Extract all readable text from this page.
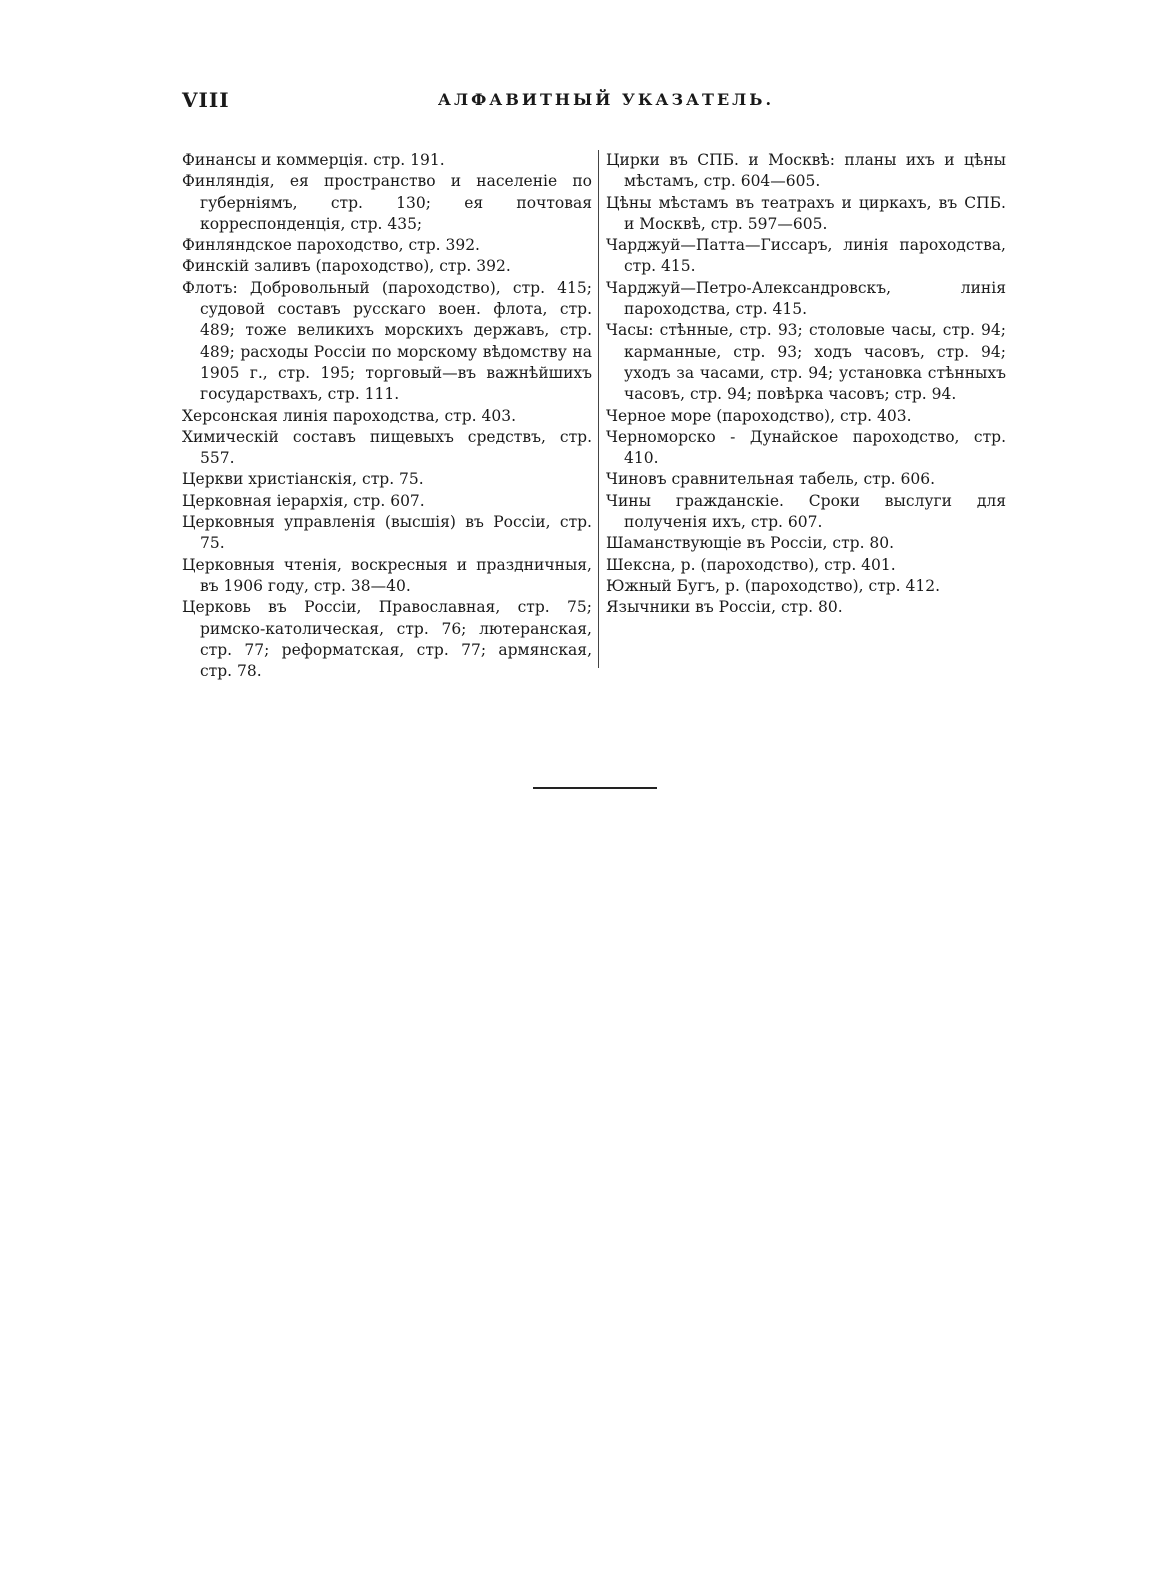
VIII	АЛФАВИТНЫЙ УКАЗАТЕЛЬ.

Финансы и коммерція. стр. 191.

Финляндія, ея пространство и населеніе по губерніямъ, стр. 130; ея почтовая корреспонденція, стр. 435;

Финляндское пароходство, стр. 392.

Финскій заливъ (пароходство), стр. 392.

Флотъ: Добровольный (пароходство), стр. 415; судовой составъ русскаго воен. флота, стр. 489; тоже великихъ морскихъ державъ, стр. 489; расходы Россіи по морскому вѣдомству на 1905 г., стр. 195; торговый—въ важнѣйшихъ государствахъ, стр. 111.

Херсонская линія пароходства, стр. 403.

Химическій составъ пищевыхъ средствъ, стр. 557.

Церкви христіанскія, стр. 75.

Церковная іерархія, стр. 607.

Церковныя управленія (высшія) въ Россіи, стр. 75.

Церковныя чтенія, воскресныя и праздничныя, въ 1906 году, стр. 38—40.

Церковь въ Россіи, Православная, стр. 75; римско-католическая, стр. 76; лютеранская, стр. 77; реформатская, стр. 77; армянская, стр. 78.

Цирки въ СПБ. и Москвѣ: планы ихъ и цѣны мѣстамъ, стр. 604—605.

Цѣны мѣстамъ въ театрахъ и циркахъ, въ СПБ. и Москвѣ, стр. 597—605.

Чарджуй—Патта—Гиссаръ, линія пароходства, стр. 415.

Чарджуй—Петро-Александровскъ, линія пароходства, стр. 415.

Часы: стѣнные, стр. 93; столовые часы, стр. 94; карманные, стр. 93; ходъ часовъ, стр. 94; уходъ за часами, стр. 94; установка стѣнныхъ часовъ, стр. 94; повѣрка часовъ; стр. 94.

Черное море (пароходство), стр. 403.

Черноморско - Дунайское пароходство, стр. 410.

Чиновъ сравнительная табель, стр. 606.

Чины гражданскіе. Сроки выслуги для полученія ихъ, стр. 607.

Шаманствующіе въ Россіи, стр. 80.

Шексна, р. (пароходство), стр. 401.

Южный Бугъ, р. (пароходство), стр. 412.

Язычники въ Россіи, стр. 80.
